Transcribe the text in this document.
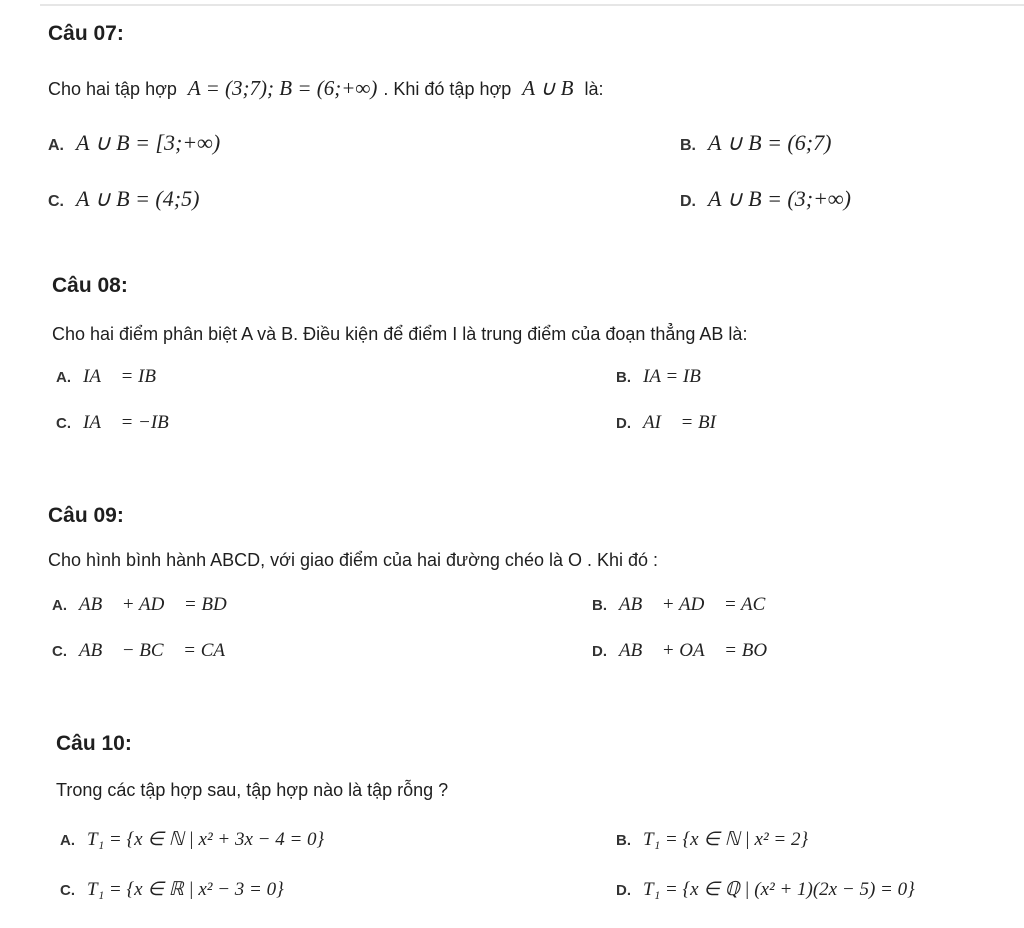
Câu 07:
Cho hai tập hợp A = (3;7); B = (6;+∞) . Khi đó tập hợp A ∪ B là:
A. A ∪ B = [3;+∞)	B. A ∪ B = (6;7)
C. A ∪ B = (4;5)	D. A ∪ B = (3;+∞)
Câu 08:
Cho hai điểm phân biệt A và B. Điều kiện để điểm I là trung điểm của đoạn thẳng AB là:
A. IA⃗ = IB⃗	B. IA = IB
C. IA⃗ = −IB⃗	D. AI⃗ = BI⃗
Câu 09:
Cho hình bình hành ABCD, với giao điểm của hai đường chéo là O . Khi đó :
A. AB⃗ + AD⃗ = BD⃗	B. AB⃗ + AD⃗ = AC⃗
C. AB⃗ − BC⃗ = CA⃗	D. AB⃗ + OA⃗ = BO⃗
Câu 10:
Trong các tập hợp sau, tập hợp nào là tập rỗng ?
A. T₁ = {x ∈ ℕ | x² + 3x − 4 = 0}	B. T₁ = {x ∈ ℕ | x² = 2}
C. T₁ = {x ∈ ℝ | x² − 3 = 0}	D. T₁ = {x ∈ ℚ | (x² + 1)(2x − 5) = 0}
